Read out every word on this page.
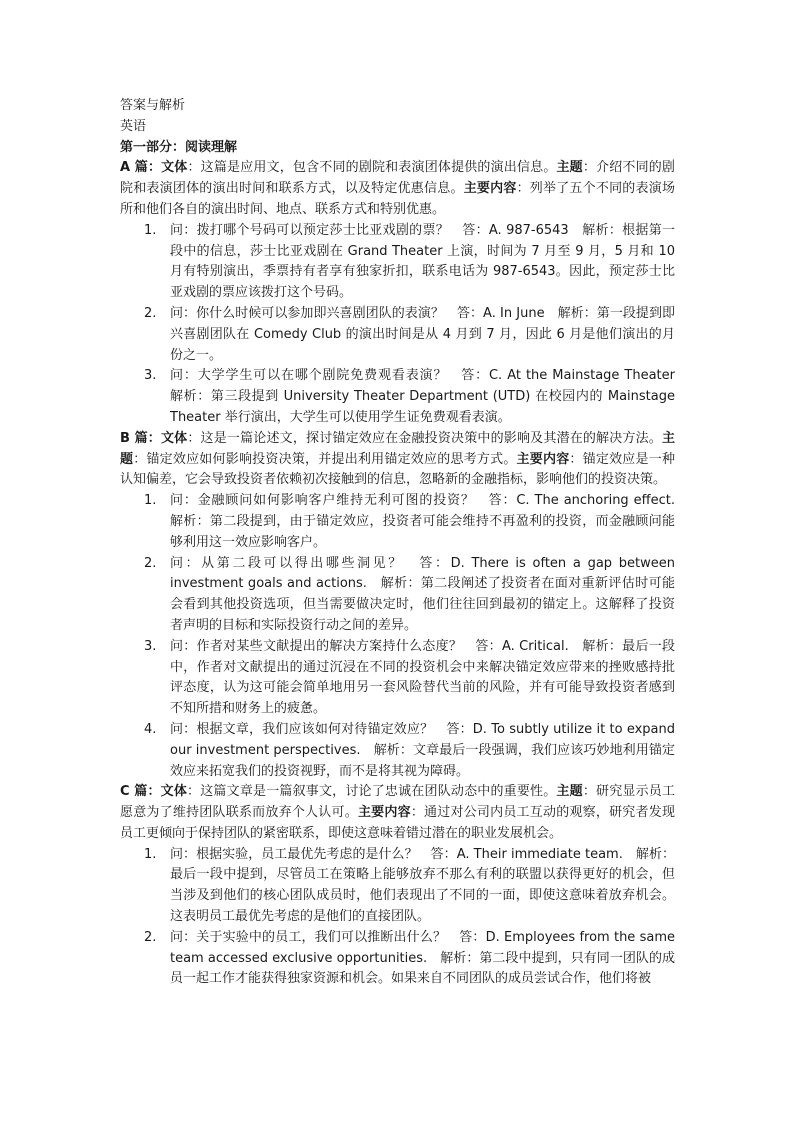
答案与解析

英语

第一部分：阅读理解

A 篇：文体：这篇是应用文，包含不同的剧院和表演团体提供的演出信息。主题：介绍不同的剧院和表演团体的演出时间和联系方式，以及特定优惠信息。主要内容：列举了五个不同的表演场所和他们各自的演出时间、地点、联系方式和特别优惠。

1. 问：拨打哪个号码可以预定莎士比亚戏剧的票？　答：A. 987-6543　解析：根据第一段中的信息，莎士比亚戏剧在 Grand Theater 上演，时间为 7 月至 9 月，5 月和 10 月有特别演出，季票持有者享有独家折扣，联系电话为 987-6543。因此，预定莎士比亚戏剧的票应该拨打这个号码。
2. 问：你什么时候可以参加即兴喜剧团队的表演？　答：A. In June　解析：第一段提到即兴喜剧团队在 Comedy Club 的演出时间是从 4 月到 7 月，因此 6 月是他们演出的月份之一。
3. 问：大学学生可以在哪个剧院免费观看表演？　答：C. At the Mainstage Theater　解析：第三段提到 University Theater Department (UTD) 在校园内的 Mainstage Theater 举行演出，大学生可以使用学生证免费观看表演。

B 篇：文体：这是一篇论述文，探讨锚定效应在金融投资决策中的影响及其潜在的解决方法。主题：锚定效应如何影响投资决策，并提出利用锚定效应的思考方式。主要内容：锚定效应是一种认知偏差，它会导致投资者依赖初次接触到的信息，忽略新的金融指标，影响他们的投资决策。

1. 问：金融顾问如何影响客户维持无利可图的投资？　答：C. The anchoring effect.　解析：第二段提到，由于锚定效应，投资者可能会维持不再盈利的投资，而金融顾问能够利用这一效应影响客户。
2. 问：从第二段可以得出哪些洞见？　答：D. There is often a gap between investment goals and actions.　解析：第二段阐述了投资者在面对重新评估时可能会看到其他投资选项，但当需要做决定时，他们往往回到最初的锚定上。这解释了投资者声明的目标和实际投资行动之间的差异。
3. 问：作者对某些文献提出的解决方案持什么态度？　答：A. Critical.　解析：最后一段中，作者对文献提出的通过沉浸在不同的投资机会中来解决锚定效应带来的挫败感持批评态度，认为这可能会简单地用另一套风险替代当前的风险，并有可能导致投资者感到不知所措和财务上的疲惫。
4. 问：根据文章，我们应该如何对待锚定效应？　答：D. To subtly utilize it to expand our investment perspectives.　解析：文章最后一段强调，我们应该巧妙地利用锚定效应来拓宽我们的投资视野，而不是将其视为障碍。

C 篇：文体：这篇文章是一篇叙事文，讨论了忠诚在团队动态中的重要性。主题：研究显示员工愿意为了维持团队联系而放弃个人认可。主要内容：通过对公司内员工互动的观察，研究者发现员工更倾向于保持团队的紧密联系，即使这意味着错过潜在的职业发展机会。

1. 问：根据实验，员工最优先考虑的是什么？　答：A. Their immediate team.　解析：最后一段中提到，尽管员工在策略上能够放弃不那么有利的联盟以获得更好的机会，但当涉及到他们的核心团队成员时，他们表现出了不同的一面，即使这意味着放弃机会。这表明员工最优先考虑的是他们的直接团队。
2. 问：关于实验中的员工，我们可以推断出什么？　答：D. Employees from the same team accessed exclusive opportunities.　解析：第二段中提到，只有同一团队的成员一起工作才能获得独家资源和机会。如果来自不同团队的成员尝试合作，他们将被
